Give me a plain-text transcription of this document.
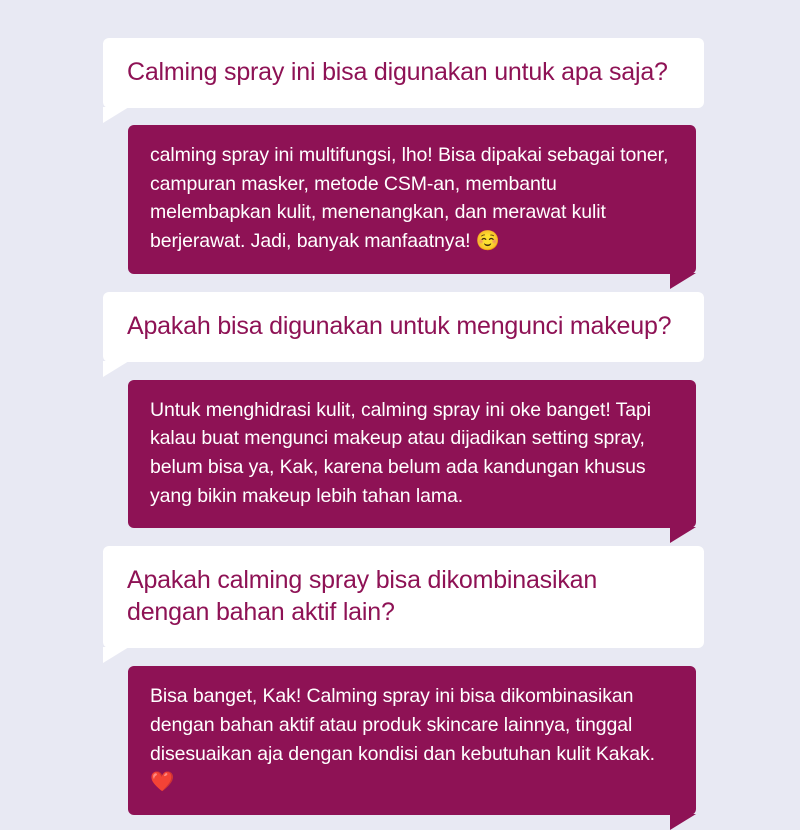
Calming spray ini bisa digunakan untuk apa saja?

calming spray ini multifungsi, lho! Bisa dipakai sebagai toner, campuran masker, metode CSM-an, membantu melembapkan kulit, menenangkan, dan merawat kulit berjerawat. Jadi, banyak manfaatnya! ☺️

Apakah bisa digunakan untuk mengunci makeup?

Untuk menghidrasi kulit, calming spray ini oke banget! Tapi kalau buat mengunci makeup atau dijadikan setting spray, belum bisa ya, Kak, karena belum ada kandungan khusus yang bikin makeup lebih tahan lama.

Apakah calming spray bisa dikombinasikan dengan bahan aktif lain?

Bisa banget, Kak! Calming spray ini bisa dikombinasikan dengan bahan aktif atau produk skincare lainnya, tinggal disesuaikan aja dengan kondisi dan kebutuhan kulit Kakak.❤️
